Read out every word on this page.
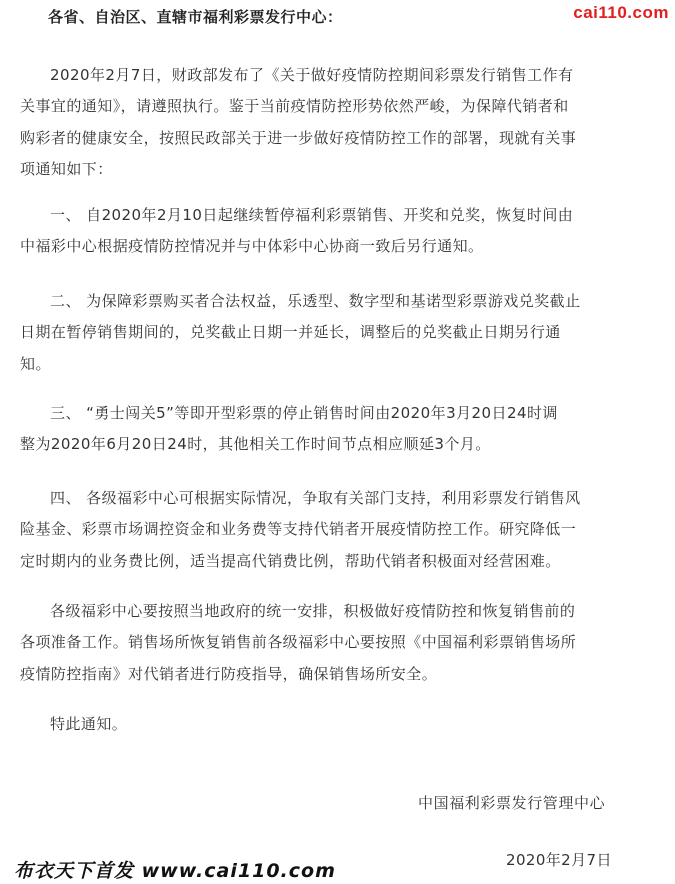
各省、自治区、直辖市福利彩票发行中心：	cai110.com

2020年2月7日，财政部发布了《关于做好疫情防控期间彩票发行销售工作有
关事宜的通知》，请遵照执行。鉴于当前疫情防控形势依然严峻，为保障代销者和
购彩者的健康安全，按照民政部关于进一步做好疫情防控工作的部署，现就有关事
项通知如下：

一、 自2020年2月10日起继续暂停福利彩票销售、开奖和兑奖，恢复时间由
中福彩中心根据疫情防控情况并与中体彩中心协商一致后另行通知。

二、 为保障彩票购买者合法权益，乐透型、数字型和基诺型彩票游戏兑奖截止
日期在暂停销售期间的，兑奖截止日期一并延长，调整后的兑奖截止日期另行通
知。

三、 “勇士闯关5”等即开型彩票的停止销售时间由2020年3月20日24时调
整为2020年6月20日24时，其他相关工作时间节点相应顺延3个月。

四、 各级福彩中心可根据实际情况，争取有关部门支持，利用彩票发行销售风
险基金、彩票市场调控资金和业务费等支持代销者开展疫情防控工作。研究降低一
定时期内的业务费比例，适当提高代销费比例，帮助代销者积极面对经营困难。

各级福彩中心要按照当地政府的统一安排，积极做好疫情防控和恢复销售前的
各项准备工作。销售场所恢复销售前各级福彩中心要按照《中国福利彩票销售场所
疫情防控指南》对代销者进行防疫指导，确保销售场所安全。

特此通知。

中国福利彩票发行管理中心
2020年2月7日
布衣天下首发 www.cai110.com
